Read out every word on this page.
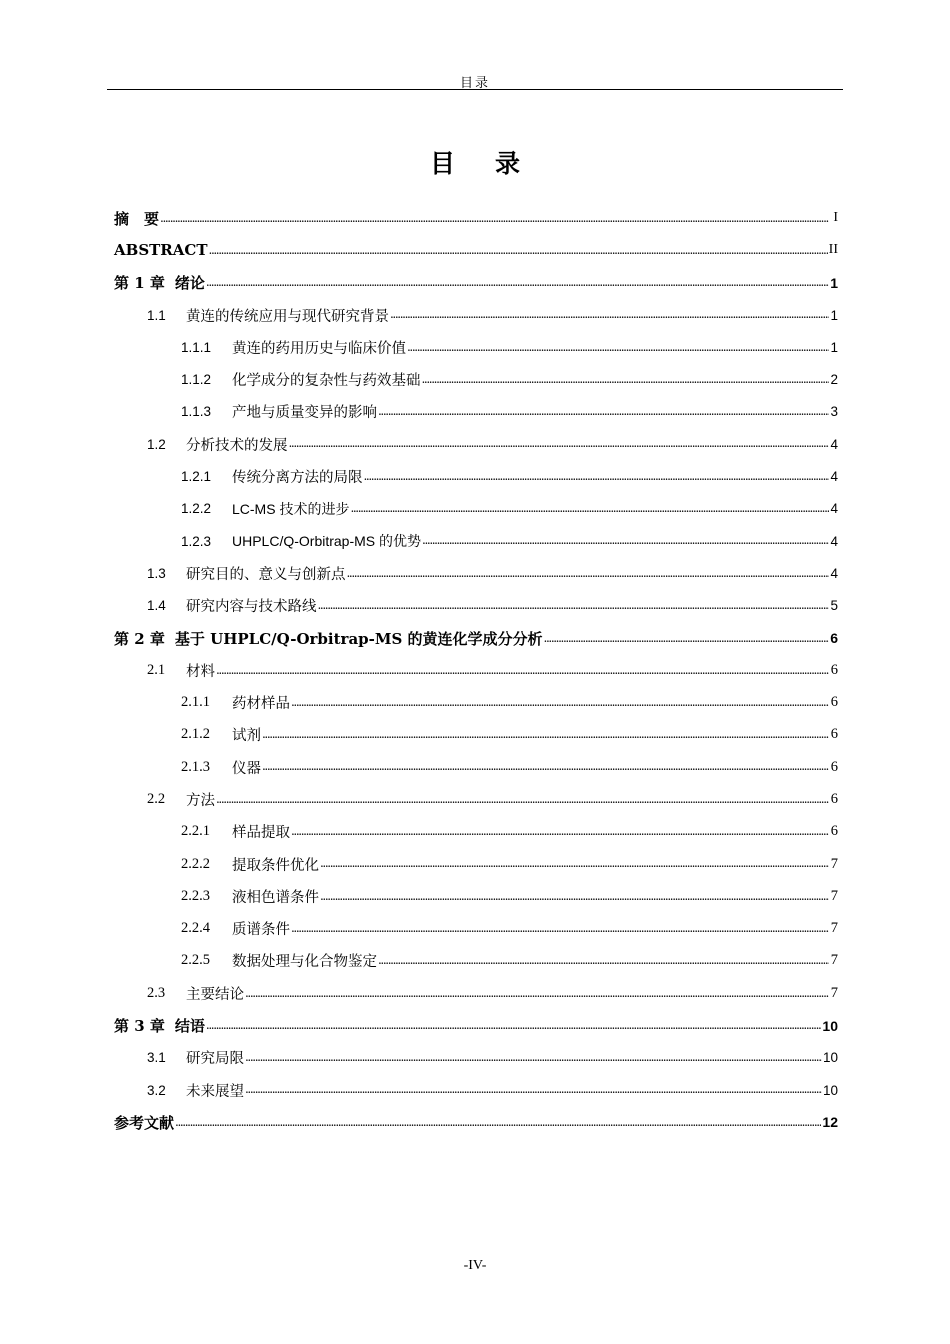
目录
目录
摘　要 . . .	I
ABSTRACT . . .	II
第 1 章 绪论 . . .	1
1.1	黄连的传统应用与现代研究背景 . . .	1
1.1.1	黄连的药用历史与临床价值 . . .	1
1.1.2	化学成分的复杂性与药效基础 . . .	2
1.1.3	产地与质量变异的影响 . . .	3
1.2	分析技术的发展 . . .	4
1.2.1	传统分离方法的局限 . . .	4
1.2.2	LC-MS 技术的进步 . . .	4
1.2.3	UHPLC/Q-Orbitrap-MS 的优势 . . .	4
1.3	研究目的、意义与创新点 . . .	4
1.4	研究内容与技术路线 . . .	5
第 2 章 基于 UHPLC/Q-Orbitrap-MS 的黄连化学成分分析 . . .	6
2.1	材料 . . .	6
2.1.1	药材样品 . . .	6
2.1.2	试剂 . . .	6
2.1.3	仪器 . . .	6
2.2	方法 . . .	6
2.2.1	样品提取 . . .	6
2.2.2	提取条件优化 . . .	7
2.2.3	液相色谱条件 . . .	7
2.2.4	质谱条件 . . .	7
2.2.5	数据处理与化合物鉴定 . . .	7
2.3	主要结论 . . .	7
第 3 章 结语 . . .	10
3.1	研究局限 . . .	10
3.2	未来展望 . . .	10
参考文献 . . .	12
-IV-
